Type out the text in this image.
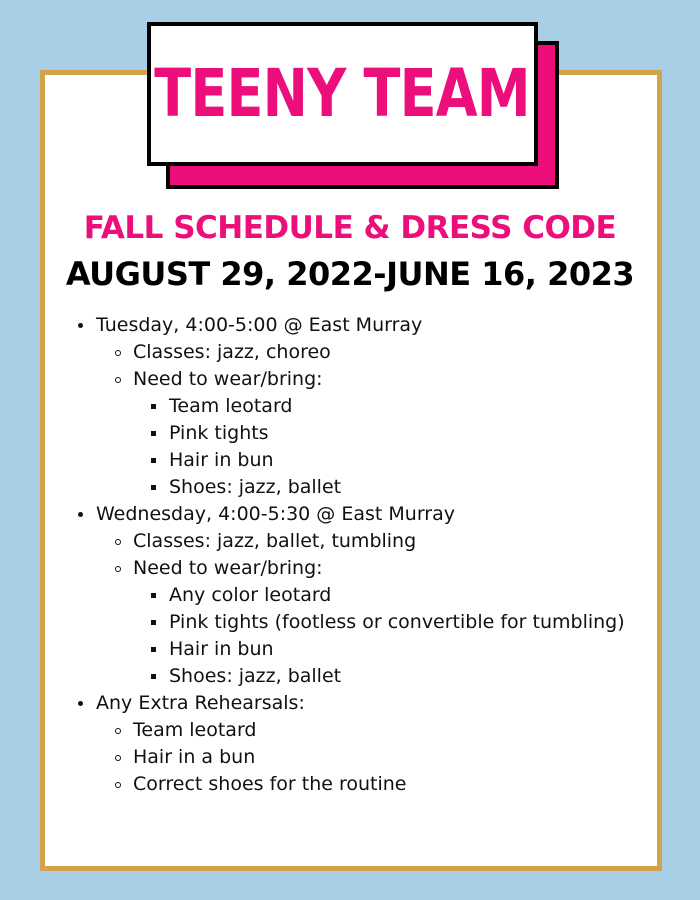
TEENY TEAM
FALL SCHEDULE & DRESS CODE
AUGUST 29, 2022-JUNE 16, 2023
Tuesday, 4:00-5:00 @ East Murray
Classes: jazz, choreo
Need to wear/bring:
Team leotard
Pink tights
Hair in bun
Shoes: jazz, ballet
Wednesday, 4:00-5:30 @ East Murray
Classes: jazz, ballet, tumbling
Need to wear/bring:
Any color leotard
Pink tights (footless or convertible for tumbling)
Hair in bun
Shoes: jazz, ballet
Any Extra Rehearsals:
Team leotard
Hair in a bun
Correct shoes for the routine
